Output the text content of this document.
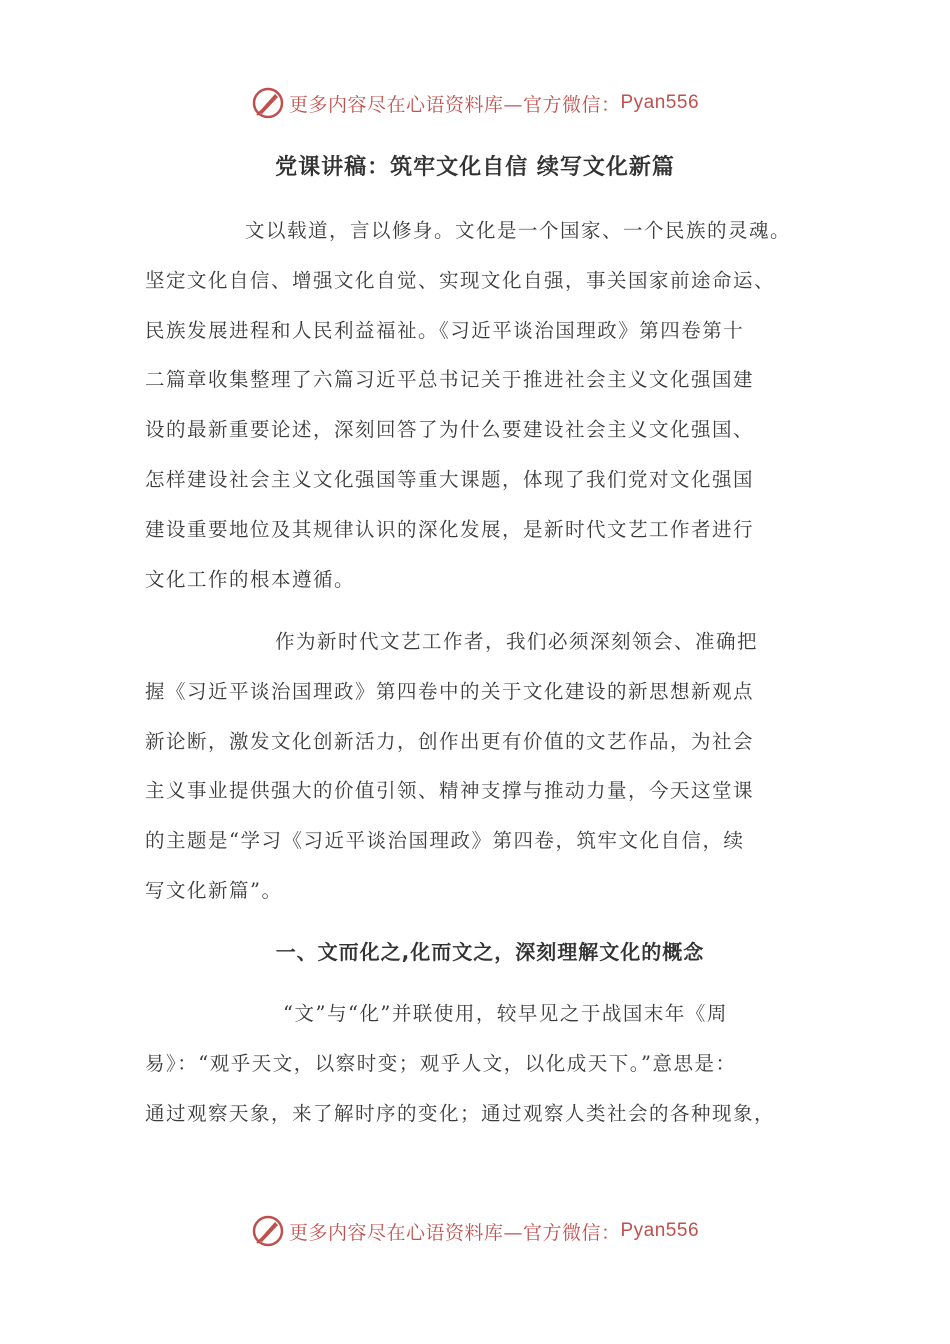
更多内容尽在心语资料库— 官方微信： Pyan556
党课讲稿：筑牢文化自信 续写文化新篇
文以载道，言以修身。文化是一个国家、一个民族的灵魂。
坚定文化自信、增强文化自觉、实现文化自强，事关国家前途命运、
民族发展进程和人民利益福祉。《习近平谈治国理政》第四卷第十
二篇章收集整理了六篇习近平总书记关于推进社会主义文化强国建
设的最新重要论述，深刻回答了为什么要建设社会主义文化强国、
怎样建设社会主义文化强国等重大课题，体现了我们党对文化强国
建设重要地位及其规律认识的深化发展，是新时代文艺工作者进行
文化工作的根本遵循。
作为新时代文艺工作者，我们必须深刻领会、准确把
握《习近平谈治国理政》第四卷中的关于文化建设的新思想新观点
新论断，激发文化创新活力，创作出更有价值的文艺作品，为社会
主义事业提供强大的价值引领、精神支撑与推动力量，今天这堂课
的主题是“学习《习近平谈治国理政》第四卷，筑牢文化自信，续
写文化新篇”。
一、文而化之,化而文之，深刻理解文化的概念
“文”与“化”并联使用，较早见之于战国末年《周
易》：“观乎天文，以察时变；观乎人文，以化成天下。”意思是：
通过观察天象，来了解时序的变化；通过观察人类社会的各种现象，
更多内容尽在心语资料库— 官方微信： Pyan556
